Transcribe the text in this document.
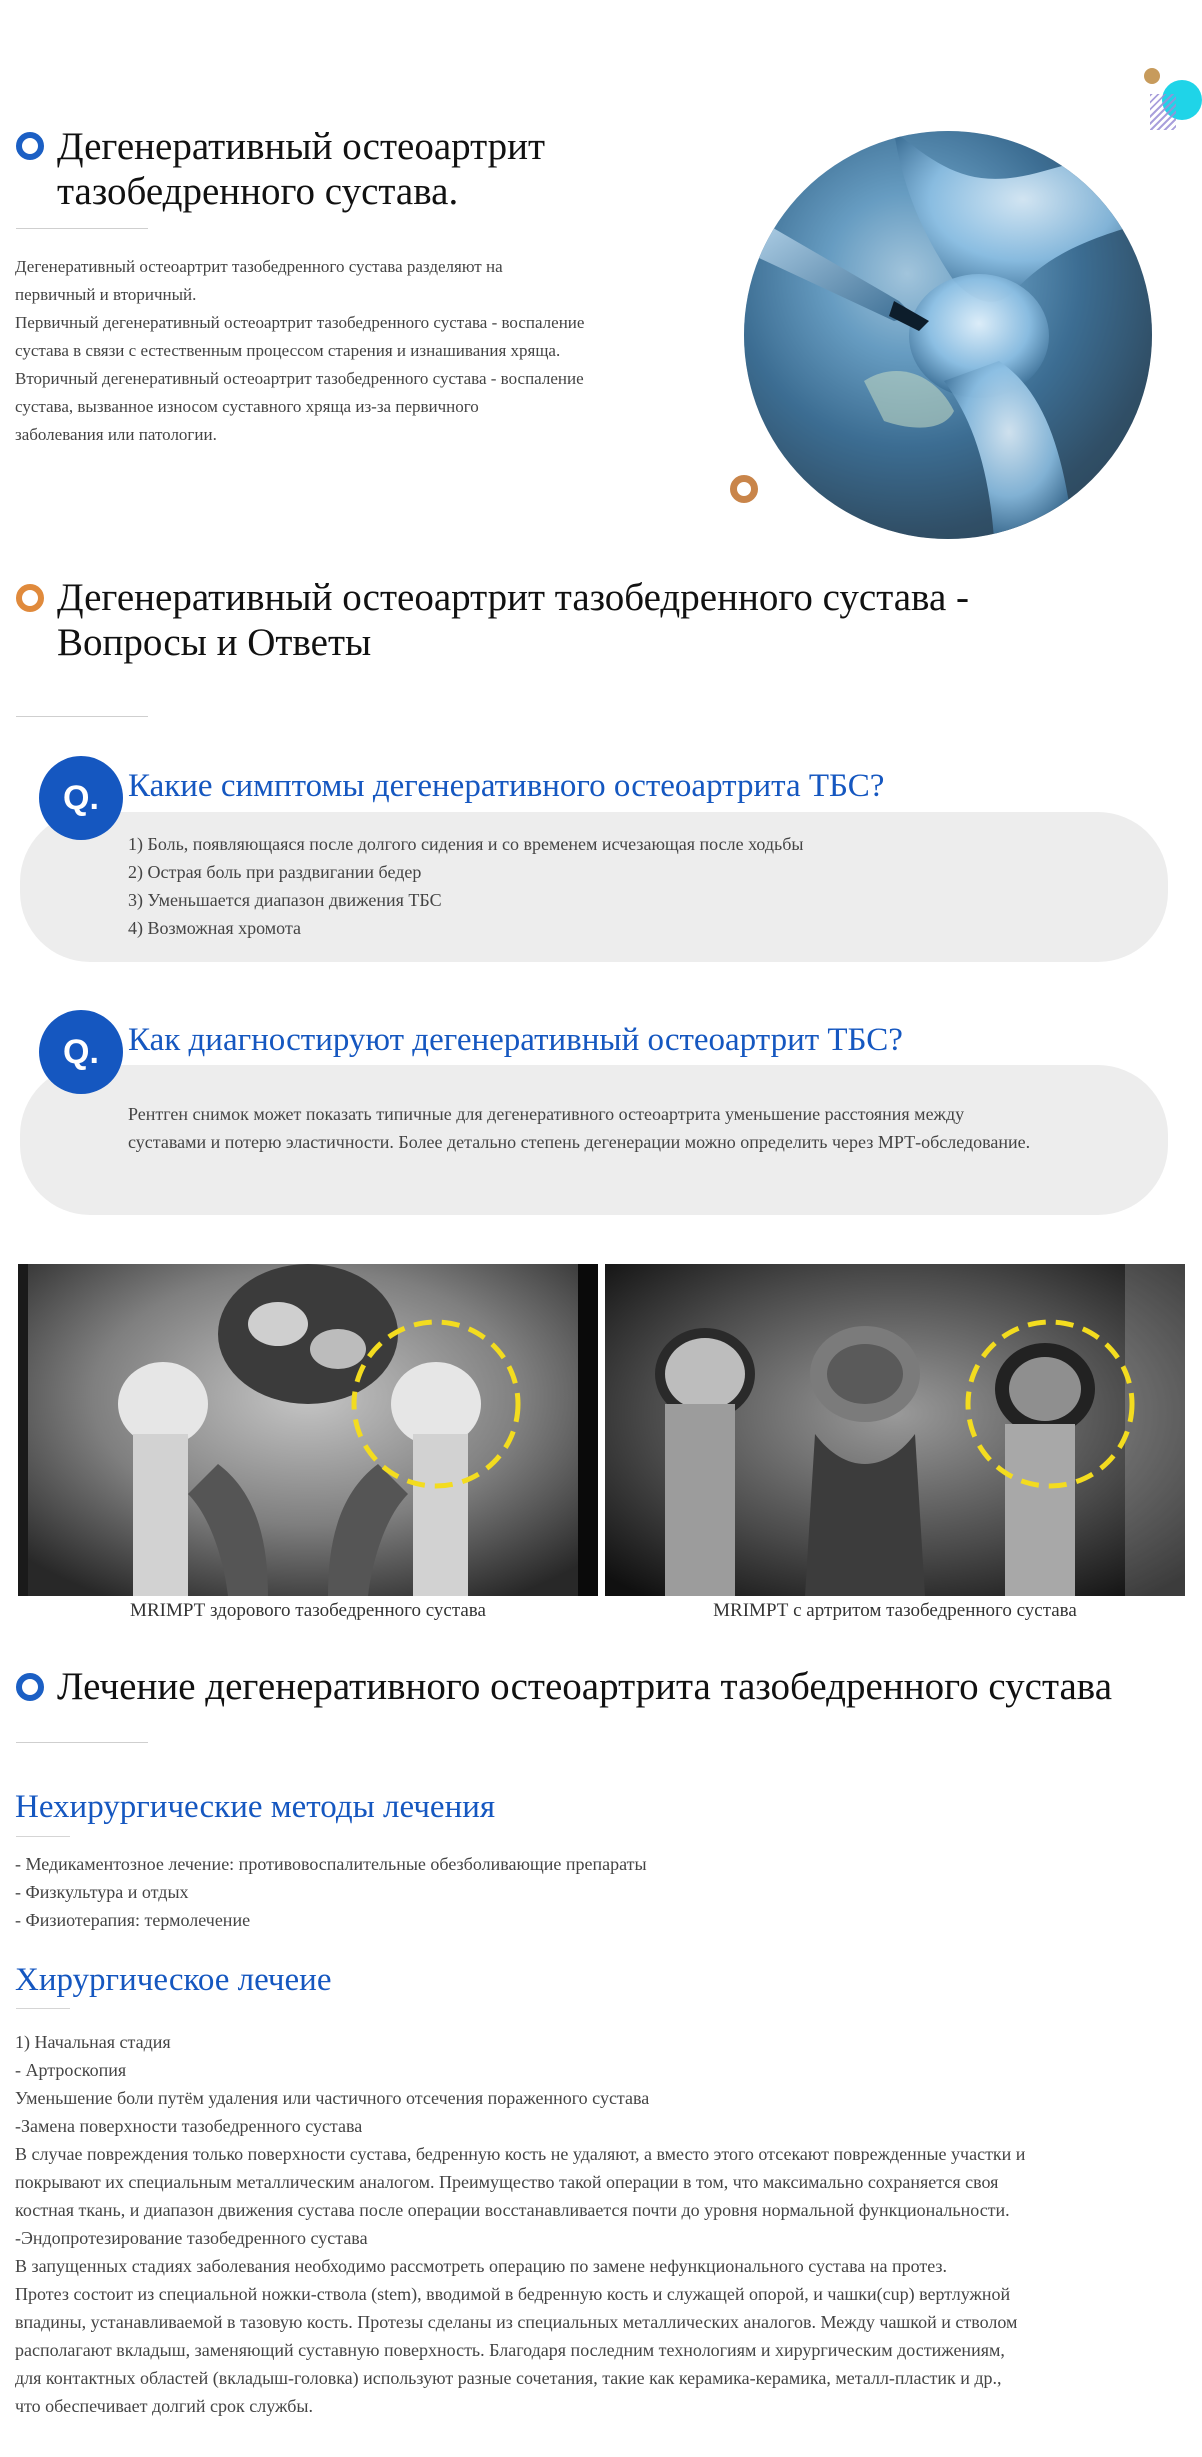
Дегенеративный остеоартрит
тазобедренного сустава.
Дегенеративный остеоартрит тазобедренного сустава разделяют на
первичный и вторичный.
Первичный дегенеративный остеоартрит тазобедренного сустава - воспаление
сустава в связи с естественным процессом старения и изнашивания хряща.
Вторичный дегенеративный остеоартрит тазобедренного сустава - воспаление
сустава, вызванное износом суставного хряща из-за первичного
заболевания или патологии.
Дегенеративный остеоартрит тазобедренного сустава -
Вопросы и Ответы
Q. Какие симптомы дегенеративного остеоартрита ТБС?
1) Боль, появляющаяся после долгого сидения и со временем исчезающая после ходьбы
2) Острая боль при раздвигании бедер
3) Уменьшается диапазон движения ТБС
4) Возможная хромота
Q. Как диагностируют дегенеративный остеоартрит ТБС?
Рентген снимок может показать типичные для дегенеративного остеоартрита уменьшение расстояния между
суставами и потерю эластичности. Более детально степень дегенерации можно определить через МРТ-обследование.
MRIМРТ здорового тазобедренного сустава	MRIМРТ с артритом тазобедренного сустава
Лечение дегенеративного остеоартрита тазобедренного сустава
Нехирургические методы лечения
- Медикаментозное лечение: противовоспалительные обезболивающие препараты
- Физкультура и отдых
- Физиотерапия: термолечение
Хирургическое лечеие
1) Начальная стадия
- Артроскопия
Уменьшение боли путём удаления или частичного отсечения пораженного сустава
-Замена поверхности тазобедренного сустава
В случае повреждения только поверхности сустава, бедренную кость не удаляют, а вместо этого отсекают поврежденные участки и
покрывают их специальным металлическим аналогом. Преимущество такой операции в том, что максимально сохраняется своя
костная ткань, и диапазон движения сустава после операции восстанавливается почти до уровня нормальной функциональности.
-Эндопротезирование тазобедренного сустава
В запущенных стадиях заболевания необходимо рассмотреть операцию по замене нефункционального сустава на протез.
Протез состоит из специальной ножки-ствола (stem), вводимой в бедренную кость и служащей опорой, и чашки(cup) вертлужной
впадины, устанавливаемой в тазовую кость. Протезы сделаны из специальных металлических аналогов. Между чашкой и стволом
располагают вкладыш, заменяющий суставную поверхность. Благодаря последним технологиям и хирургическим достижениям,
для контактных областей (вкладыш-головка) используют разные сочетания, такие как керамика-керамика, металл-пластик и др.,
что обеспечивает долгий срок службы.
